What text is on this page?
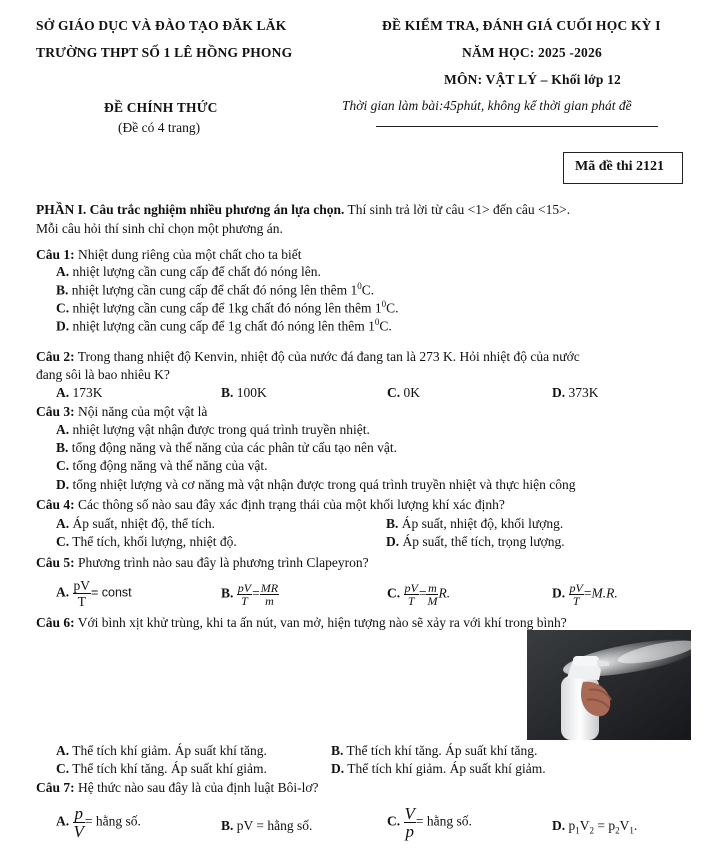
SỞ GIÁO DỤC VÀ ĐÀO TẠO ĐĂK LĂK	ĐỀ KIỂM TRA, ĐÁNH GIÁ CUỐI HỌC KỲ I
TRƯỜNG THPT SỐ 1 LÊ HỒNG PHONG	NĂM HỌC: 2025 -2026
MÔN: VẬT LÝ – Khối lớp 12
ĐỀ CHÍNH THỨC	Thời gian làm bài:45phút, không kể thời gian phát đề
(Đề có 4 trang)
Mã đề thi 2121
PHẦN I. Câu trắc nghiệm nhiều phương án lựa chọn. Thí sinh trả lời từ câu <1> đến câu <15>.
Mỗi câu hỏi thí sinh chỉ chọn một phương án.
Câu 1: Nhiệt dung riêng của một chất cho ta biết
A. nhiệt lượng cần cung cấp để chất đó nóng lên.
B. nhiệt lượng cần cung cấp để chất đó nóng lên thêm $1^0C$.
C. nhiệt lượng cần cung cấp để 1kg chất đó nóng lên thêm $1^0C$.
D. nhiệt lượng cần cung cấp để 1g chất đó nóng lên thêm $1^0C$.
Câu 2: Trong thang nhiệt độ Kenvin, nhiệt độ của nước đá đang tan là 273 K. Hỏi nhiệt độ của nước
đang sôi là bao nhiêu K?
A. 173K	B. 100K	C. 0K	D. 373K
Câu 3: Nội năng của một vật là
A. nhiệt lượng vật nhận được trong quá trình truyền nhiệt.
B. tổng động năng và thế năng của các phân tử cấu tạo nên vật.
C. tổng động năng và thế năng của vật.
D. tổng nhiệt lượng và cơ năng mà vật nhận được trong quá trình truyền nhiệt và thực hiện công
Câu 4: Các thông số nào sau đây xác định trạng thái của một khối lượng khí xác định?
A. Áp suất, nhiệt độ, thể tích.	B. Áp suất, nhiệt độ, khối lượng.
C. Thể tích, khối lượng, nhiệt độ.	D. Áp suất, thể tích, trọng lượng.
Câu 5: Phương trình nào sau đây là phương trình Clapeyron?
A. $\frac{pV}{T}$ = const	B. $\frac{pV}{T} = \frac{MR}{m}$	C. $\frac{pV}{T} = \frac{m}{M} R$.	D. $\frac{pV}{T} =M.R$.
Câu 6: Với bình xịt khử trùng, khi ta ấn nút, van mở, hiện tượng nào sẽ xảy ra với khí trong bình?
A. Thể tích khí giảm. Áp suất khí tăng.	B. Thể tích khí tăng. Áp suất khí tăng.
C. Thể tích khí tăng. Áp suất khí giảm.	D. Thể tích khí giảm. Áp suất khí giảm.
Câu 7: Hệ thức nào sau đây là của định luật Bôi-lơ?
A. $\frac{p}{V}$ = hằng số.	B. pV = hằng số.	C. $\frac{V}{p}$ = hằng số.	D. $p_1V_2 = p_2V_1$.
